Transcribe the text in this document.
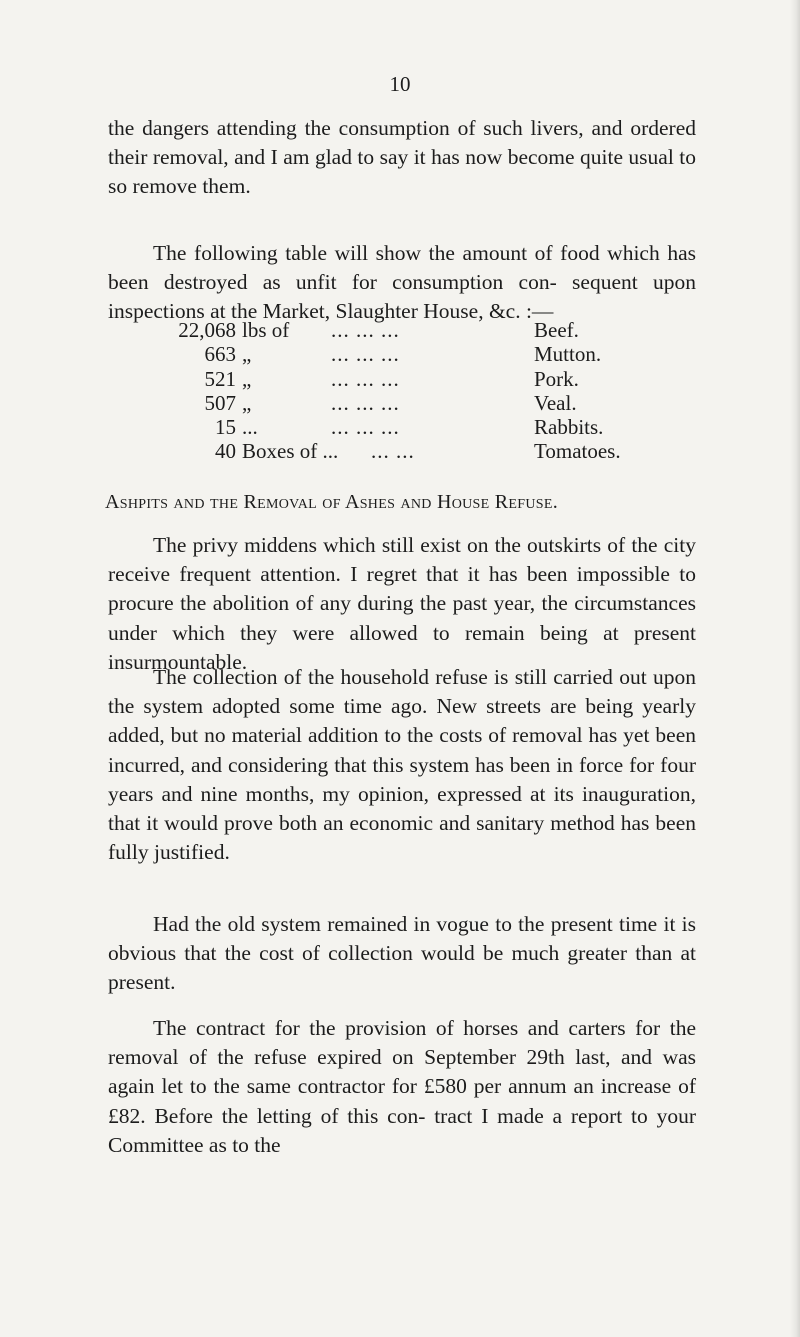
10

the dangers attending the consumption of such livers, and ordered their removal, and I am glad to say it has now become quite usual to so remove them.

The following table will show the amount of food which has been destroyed as unfit for consumption con- sequent upon inspections at the Market, Slaughter House, &c. :—

22,068 lbs of ... ... ...	Beef.
663 „	... ... ...	Mutton.
521 „	... ... ...	Pork.
507 „	... ... ...	Veal.
15 ...	... ... ...	Rabbits.
40 Boxes of ... ... ...	Tomatoes.
Ashpits and the Removal of Ashes and House Refuse.

The privy middens which still exist on the outskirts of the city receive frequent attention. I regret that it has been impossible to procure the abolition of any during the past year, the circumstances under which they were allowed to remain being at present insurmountable.

The collection of the household refuse is still carried out upon the system adopted some time ago. New streets are being yearly added, but no material addition to the costs of removal has yet been incurred, and considering that this system has been in force for four years and nine months, my opinion, expressed at its inauguration, that it would prove both an economic and sanitary method has been fully justified.

Had the old system remained in vogue to the present time it is obvious that the cost of collection would be much greater than at present.

The contract for the provision of horses and carters for the removal of the refuse expired on September 29th last, and was again let to the same contractor for £580 per annum an increase of £82. Before the letting of this con- tract I made a report to your Committee as to the
